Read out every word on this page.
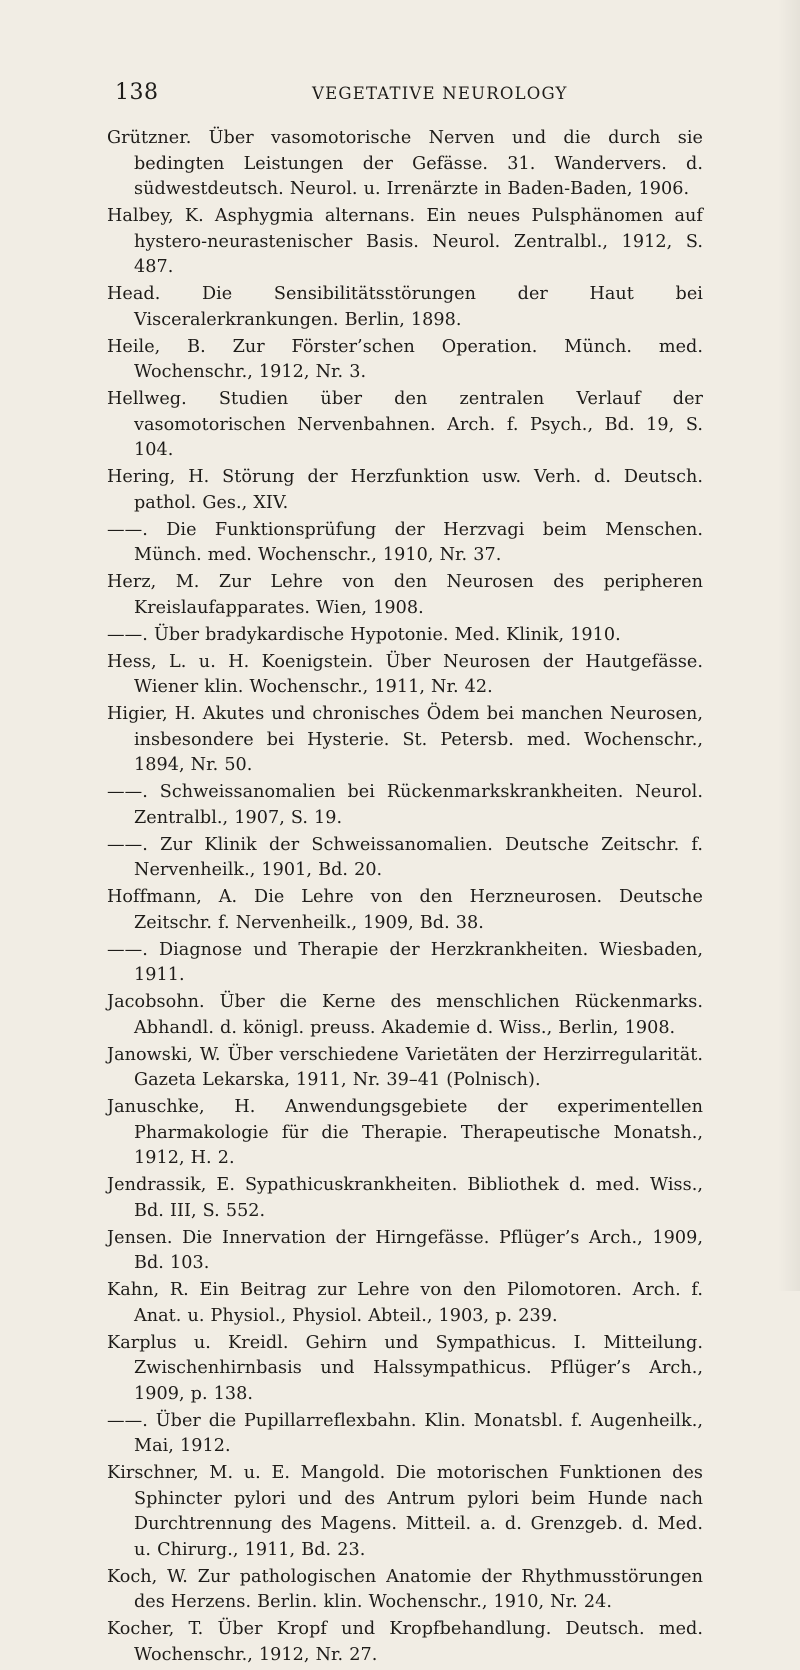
138	VEGETATIVE NEUROLOGY

Grützner. Über vasomotorische Nerven und die durch sie bedingten Leistungen der Gefässe. 31. Wandervers. d. südwestdeutsch. Neurol. u. Irrenärzte in Baden-Baden, 1906.

Halbey, K. Asphygmia alternans. Ein neues Pulsphänomen auf hystero-neurastenischer Basis. Neurol. Zentralbl., 1912, S. 487.

Head. Die Sensibilitätsstörungen der Haut bei Visceralerkrankungen. Berlin, 1898.

Heile, B. Zur Förster’schen Operation. Münch. med. Wochenschr., 1912, Nr. 3.

Hellweg. Studien über den zentralen Verlauf der vasomotorischen Nervenbahnen. Arch. f. Psych., Bd. 19, S. 104.

Hering, H. Störung der Herzfunktion usw. Verh. d. Deutsch. pathol. Ges., XIV.

——. Die Funktionsprüfung der Herzvagi beim Menschen. Münch. med. Wochenschr., 1910, Nr. 37.

Herz, M. Zur Lehre von den Neurosen des peripheren Kreislaufapparates. Wien, 1908.

——. Über bradykardische Hypotonie. Med. Klinik, 1910.

Hess, L. u. H. Koenigstein. Über Neurosen der Hautgefässe. Wiener klin. Wochenschr., 1911, Nr. 42.

Higier, H. Akutes und chronisches Ödem bei manchen Neurosen, insbesondere bei Hysterie. St. Petersb. med. Wochenschr., 1894, Nr. 50.

——. Schweissanomalien bei Rückenmarkskrankheiten. Neurol. Zentralbl., 1907, S. 19.

——. Zur Klinik der Schweissanomalien. Deutsche Zeitschr. f. Nervenheilk., 1901, Bd. 20.

Hoffmann, A. Die Lehre von den Herzneurosen. Deutsche Zeitschr. f. Nervenheilk., 1909, Bd. 38.

——. Diagnose und Therapie der Herzkrankheiten. Wiesbaden, 1911.

Jacobsohn. Über die Kerne des menschlichen Rückenmarks. Abhandl. d. königl. preuss. Akademie d. Wiss., Berlin, 1908.

Janowski, W. Über verschiedene Varietäten der Herzirregularität. Gazeta Lekarska, 1911, Nr. 39–41 (Polnisch).

Januschke, H. Anwendungsgebiete der experimentellen Pharmakologie für die Therapie. Therapeutische Monatsh., 1912, H. 2.

Jendrassik, E. Sypathicuskrankheiten. Bibliothek d. med. Wiss., Bd. III, S. 552.

Jensen. Die Innervation der Hirngefässe. Pflüger’s Arch., 1909, Bd. 103.

Kahn, R. Ein Beitrag zur Lehre von den Pilomotoren. Arch. f. Anat. u. Physiol., Physiol. Abteil., 1903, p. 239.

Karplus u. Kreidl. Gehirn und Sympathicus. I. Mitteilung. Zwischenhirnbasis und Halssympathicus. Pflüger’s Arch., 1909, p. 138.

——. Über die Pupillarreflexbahn. Klin. Monatsbl. f. Augenheilk., Mai, 1912.

Kirschner, M. u. E. Mangold. Die motorischen Funktionen des Sphincter pylori und des Antrum pylori beim Hunde nach Durchtrennung des Magens. Mitteil. a. d. Grenzgeb. d. Med. u. Chirurg., 1911, Bd. 23.

Koch, W. Zur pathologischen Anatomie der Rhythmusstörungen des Herzens. Berlin. klin. Wochenschr., 1910, Nr. 24.

Kocher, T. Über Kropf und Kropfbehandlung. Deutsch. med. Wochenschr., 1912, Nr. 27.
